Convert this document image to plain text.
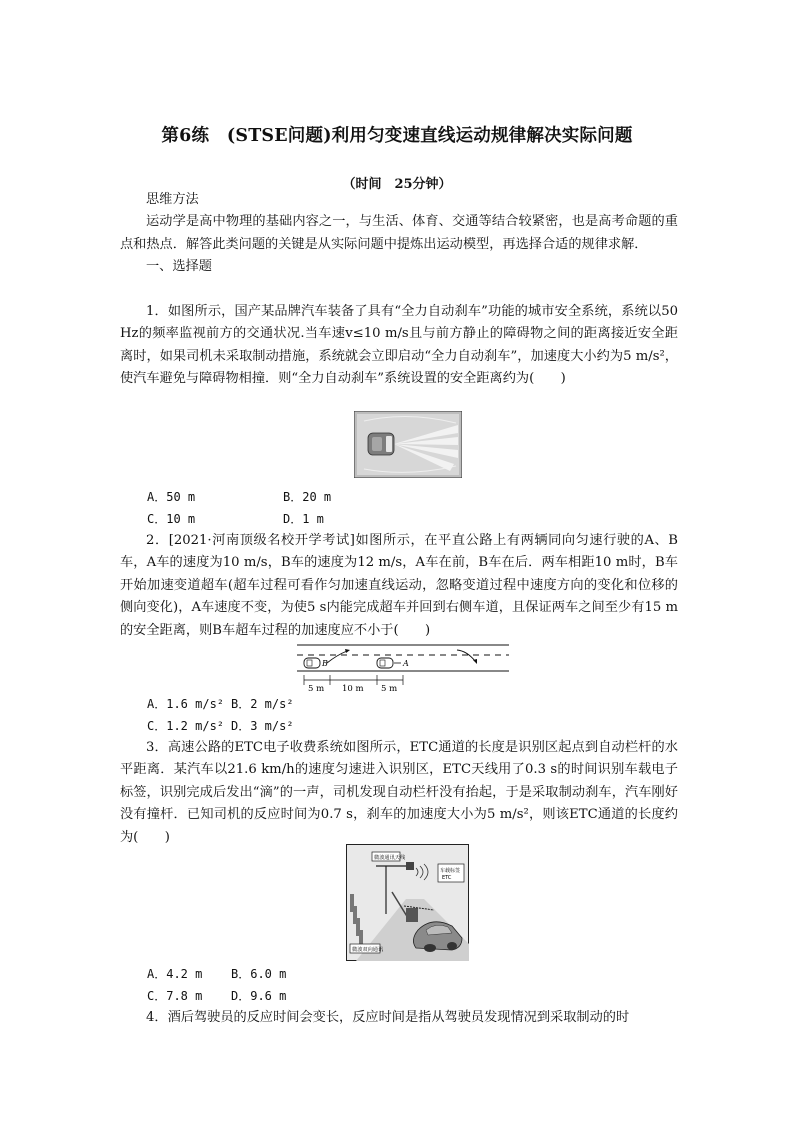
第6练　(STSE问题)利用匀变速直线运动规律解决实际问题
（时间　25分钟）

思维方法

运动学是高中物理的基础内容之一，与生活、体育、交通等结合较紧密，也是高考命题的重点和热点．解答此类问题的关键是从实际问题中提炼出运动模型，再选择合适的规律求解．

一、选择题

1．如图所示，国产某品牌汽车装备了具有“全力自动刹车”功能的城市安全系统，系统以50 Hz的频率监视前方的交通状况.当车速v≤10 m/s且与前方静止的障碍物之间的距离接近安全距离时，如果司机未采取制动措施，系统就会立即启动“全力自动刹车”，加速度大小约为5 m/s²，使汽车避免与障碍物相撞．则“全力自动刹车”系统设置的安全距离约为(　　)

A．50 m	B．20 m
C．10 m	D．1 m

2．[2021·河南顶级名校开学考试]如图所示，在平直公路上有两辆同向匀速行驶的A、B车，A车的速度为10 m/s，B车的速度为12 m/s，A车在前，B车在后．两车相距10 m时，B车开始加速变道超车(超车过程可看作匀加速直线运动，忽略变道过程中速度方向的变化和位移的侧向变化)，A车速度不变，为使5 s内能完成超车并回到右侧车道，且保证两车之间至少有15 m的安全距离，则B车超车过程的加速度应不小于(　　)

B	A
5 m 10 m 5 m
A．1.6 m/s² B．2 m/s²
C．1.2 m/s² D．3 m/s²

3．高速公路的ETC电子收费系统如图所示，ETC通道的长度是识别区起点到自动栏杆的水平距离．某汽车以21.6 km/h的速度匀速进入识别区，ETC天线用了0.3 s的时间识别车载电子标签，识别完成后发出“滴”的一声，司机发现自动栏杆没有抬起，于是采取制动刹车，汽车刚好没有撞杆．已知司机的反应时间为0.7 s，刹车的加速度大小为5 m/s²，则该ETC通道的长度约为(　　)

微波通讯天线
车载标签
ETC
微波双向通讯
A．4.2 m B．6.0 m
C．7.8 m D．9.6 m

4．酒后驾驶员的反应时间会变长，反应时间是指从驾驶员发现情况到采取制动的时
